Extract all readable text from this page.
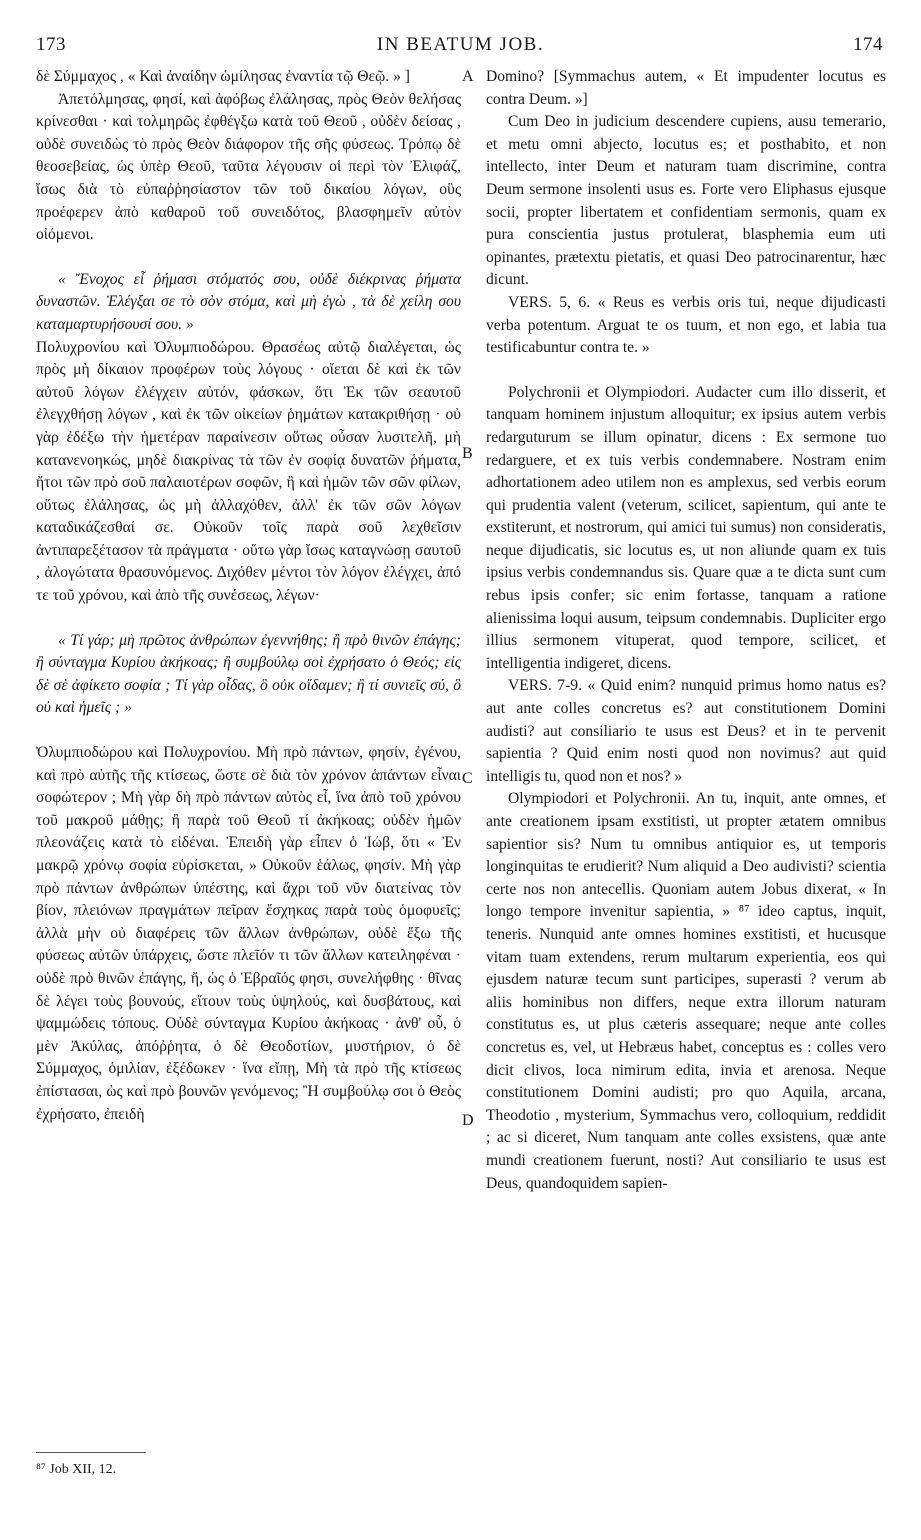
IN BEATUM JOB.
173	174
A
B
C
D

δὲ Σύμμαχος , « Καὶ ἀναίδην ὡμίλησας ἐναντία τῷ Θεῷ. » ]

Ἀπετόλμησας, φησί, καὶ ἀφόβως ἐλάλησας, πρὸς Θεὸν θελήσας κρίνεσθαι · καὶ τολμηρῶς ἐφθέγξω κατὰ τοῦ Θεοῦ , οὐδὲν δείσας , οὐδὲ συνειδὼς τὸ πρὸς Θεὸν διάφορον τῆς σῆς φύσεως. Τρόπῳ δὲ θεοσεβείας, ὡς ὑπὲρ Θεοῦ, ταῦτα λέγουσιν οἱ περὶ τὸν Ἐλιφάζ, ἴσως διὰ τὸ εὐπαῤῥησίαστον τῶν τοῦ δικαίου λόγων, οὓς προέφερεν ἀπὸ καθαροῦ τοῦ συνειδότος, βλασφημεῖν αὐτὸν οἰόμενοι.

« Ἔνοχος εἶ ῥήμασι στόματός σου, οὐδὲ διέκρινας ῥήματα δυναστῶν. Ἐλέγξαι σε τὸ σὸν στόμα, καὶ μὴ ἐγὼ , τὰ δὲ χείλη σου καταμαρτυρήσουσί σου. »

Πολυχρονίου καὶ Ὀλυμπιοδώρου. Θρασέως αὐτῷ διαλέγεται, ὡς πρὸς μὴ δίκαιον προφέρων τοὺς λόγους · οἴεται δὲ καὶ ἐκ τῶν αὐτοῦ λόγων ἐλέγχειν αὐτόν, φάσκων, ὅτι Ἐκ τῶν σεαυτοῦ ἐλεγχθήσῃ λόγων , καὶ ἐκ τῶν οἰκείων ῥημάτων κατακριθήσῃ · οὐ γὰρ ἐδέξω τὴν ἡμετέραν παραίνεσιν οὕτως οὖσαν λυσιτελῆ, μὴ κατανενοηκώς, μηδὲ διακρίνας τὰ τῶν ἐν σοφίᾳ δυνατῶν ῥήματα, ἤτοι τῶν πρὸ σοῦ παλαιοτέρων σοφῶν, ἢ καὶ ἡμῶν τῶν σῶν φίλων, οὕτως ἐλάλησας, ὡς μὴ ἀλλαχόθεν, ἀλλ' ἐκ τῶν σῶν λόγων καταδικάζεσθαί σε. Οὐκοῦν τοῖς παρὰ σοῦ λεχθεῖσιν ἀντιπαρεξέτασον τὰ πράγματα · οὕτω γὰρ ἴσως καταγνώσῃ σαυτοῦ , ἀλογώτατα θρασυνόμενος. Διχόθεν μέντοι τὸν λόγον ἐλέγχει, ἀπό τε τοῦ χρόνου, καὶ ἀπὸ τῆς συνέσεως, λέγων·

« Τί γάρ; μὴ πρῶτος ἀνθρώπων ἐγεννήθης; ἢ πρὸ θινῶν ἐπάγης; ἢ σύνταγμα Κυρίου ἀκήκοας; ἢ συμβούλῳ σοὶ ἐχρήσατο ὁ Θεός; εἰς δὲ σὲ ἀφίκετο σοφία ; Τί γὰρ οἶδας, ὃ οὐκ οἴδαμεν; ἢ τί συνιεῖς σύ, ὃ οὐ καὶ ἡμεῖς ; »

Ὀλυμπιοδώρου καὶ Πολυχρονίου. Μὴ πρὸ πάντων, φησίν, ἐγένου, καὶ πρὸ αὐτῆς τῆς κτίσεως, ὥστε σὲ διὰ τὸν χρόνον ἁπάντων εἶναι σοφώτερον ; Μὴ γὰρ δὴ πρὸ πάντων αὐτὸς εἶ, ἵνα ἀπὸ τοῦ χρόνου τοῦ μακροῦ μάθῃς; ἢ παρὰ τοῦ Θεοῦ τί ἀκήκοας; οὐδὲν ἡμῶν πλεονάζεις κατὰ τὸ εἰδέναι. Ἐπειδὴ γὰρ εἶπεν ὁ Ἰώβ, ὅτι « Ἐν μακρῷ χρόνῳ σοφία εὑρίσκεται, » Οὐκοῦν ἑάλως, φησίν. Μὴ γὰρ πρὸ πάντων ἀνθρώπων ὑπέστης, καὶ ἄχρι τοῦ νῦν διατείνας τὸν βίον, πλειόνων πραγμάτων πεῖραν ἔσχηκας παρὰ τοὺς ὁμοφυεῖς; ἀλλὰ μὴν οὐ διαφέρεις τῶν ἄλλων ἀνθρώπων, οὐδὲ ἔξω τῆς φύσεως αὐτῶν ὑπάρχεις, ὥστε πλεῖόν τι τῶν ἄλλων κατειληφέναι · οὐδὲ πρὸ θινῶν ἐπάγης, ἤ, ὡς ὁ Ἑβραῖός φησι, συνελήφθης · θῖνας δὲ λέγει τοὺς βουνούς, εἴτουν τοὺς ὑψηλούς, καὶ δυσβάτους, καὶ ψαμμώδεις τόπους. Οὐδὲ σύνταγμα Κυρίου ἀκήκοας · ἀνθ' οὗ, ὁ μὲν Ἀκύλας, ἀπόῤῥητα, ὁ δὲ Θεοδοτίων, μυστήριον, ὁ δὲ Σύμμαχος, ὁμιλίαν, ἐξέδωκεν · ἵνα εἴπῃ, Μὴ τὰ πρὸ τῆς κτίσεως ἐπίστασαι, ὡς καὶ πρὸ βουνῶν γενόμενος; Ἢ συμβούλῳ σοι ὁ Θεὸς ἐχρήσατο, ἐπειδὴ

Domino? [Symmachus autem, « Et impudenter locutus es contra Deum. »]

Cum Deo in judicium descendere cupiens, ausu temerario, et metu omni abjecto, locutus es; et posthabito, et non intellecto, inter Deum et naturam tuam discrimine, contra Deum sermone insolenti usus es. Forte vero Eliphasus ejusque socii, propter libertatem et confidentiam sermonis, quam ex pura conscientia justus protulerat, blasphemia eum uti opinantes, prætextu pietatis, et quasi Deo patrocinarentur, hæc dicunt.

VERS. 5, 6. « Reus es verbis oris tui, neque dijudicasti verba potentum. Arguat te os tuum, et non ego, et labia tua testificabuntur contra te. »

Polychronii et Olympiodori. Audacter cum illo disserit, et tanquam hominem injustum alloquitur; ex ipsius autem verbis redarguturum se illum opinatur, dicens : Ex sermone tuo redarguere, et ex tuis verbis condemnabere. Nostram enim adhortationem adeo utilem non es amplexus, sed verbis eorum qui prudentia valent (veterum, scilicet, sapientum, qui ante te exstiterunt, et nostrorum, qui amici tui sumus) non consideratis, neque dijudicatis, sic locutus es, ut non aliunde quam ex tuis ipsius verbis condemnandus sis. Quare quæ a te dicta sunt cum rebus ipsis confer; sic enim fortasse, tanquam a ratione alienissima loqui ausum, teipsum condemnabis. Dupliciter ergo illius sermonem vituperat, quod tempore, scilicet, et intelligentia indigeret, dicens.

VERS. 7-9. « Quid enim? nunquid primus homo natus es? aut ante colles concretus es? aut constitutionem Domini audisti? aut consiliario te usus est Deus? et in te pervenit sapientia ? Quid enim nosti quod non novimus? aut quid intelligis tu, quod non et nos? »

Olympiodori et Polychronii. An tu, inquit, ante omnes, et ante creationem ipsam exstitisti, ut propter ætatem omnibus sapientior sis? Num tu omnibus antiquior es, ut temporis longinquitas te erudierit? Num aliquid a Deo audivisti? scientia certe nos non antecellis. Quoniam autem Jobus dixerat, « In longo tempore invenitur sapientia, » ⁸⁷ ideo captus, inquit, teneris. Nunquid ante omnes homines exstitisti, et hucusque vitam tuam extendens, rerum multarum experientia, eos qui ejusdem naturæ tecum sunt participes, superasti ? verum ab aliis hominibus non differs, neque extra illorum naturam constitutus es, ut plus cæteris assequare; neque ante colles concretus es, vel, ut Hebræus habet, conceptus es : colles vero dicit clivos, loca nimirum edita, invia et arenosa. Neque constitutionem Domini audisti; pro quo Aquila, arcana, Theodotio , mysterium, Symmachus vero, colloquium, reddidit ; ac si diceret, Num tanquam ante colles exsistens, quæ ante mundi creationem fuerunt, nosti? Aut consiliario te usus est Deus, quandoquidem sapien-

⁸⁷ Job XII, 12.
